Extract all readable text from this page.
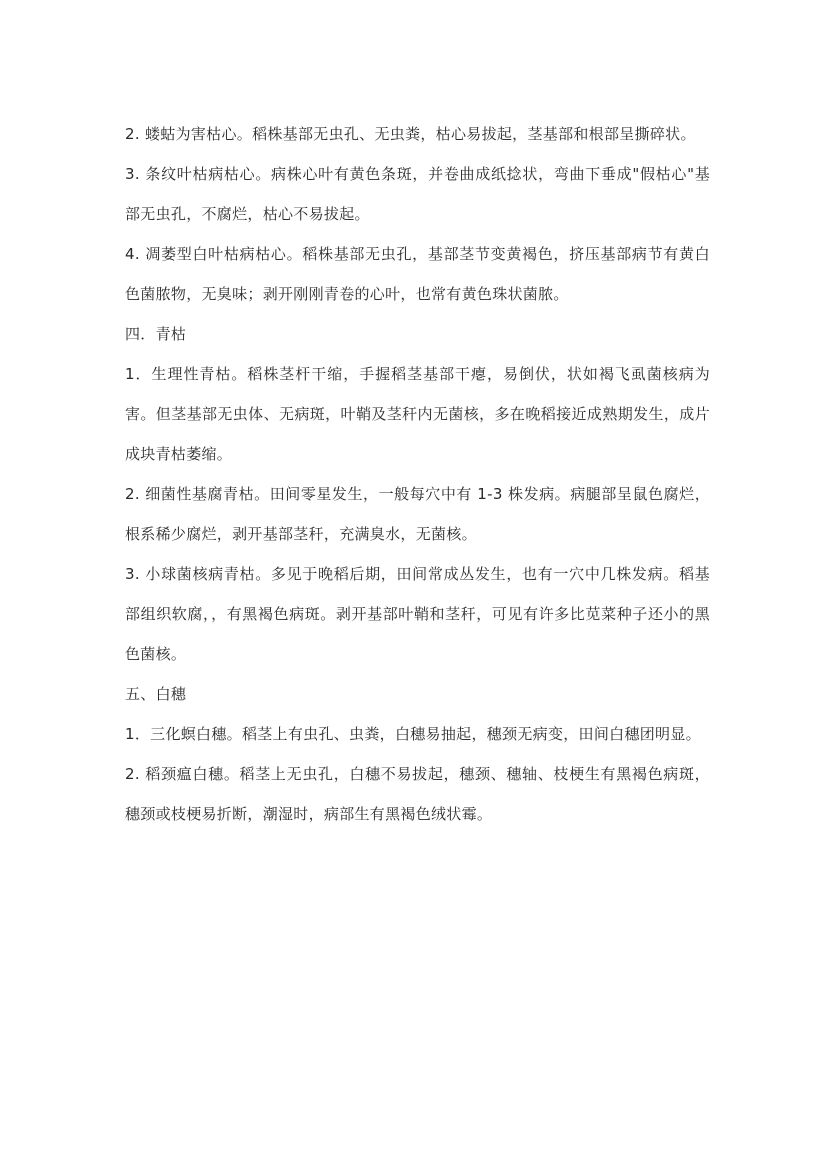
2. 蝼蛄为害枯心。稻株基部无虫孔、无虫粪，枯心易拔起，茎基部和根部呈撕碎状。

3. 条纹叶枯病枯心。病株心叶有黄色条斑，并卷曲成纸捻状，弯曲下垂成"假枯心"基部无虫孔，不腐烂，枯心不易拔起。

4. 凋萎型白叶枯病枯心。稻株基部无虫孔，基部茎节变黄褐色，挤压基部病节有黄白色菌脓物，无臭味；剥开刚刚青卷的心叶，也常有黄色珠状菌脓。

四．青枯

1．生理性青枯。稻株茎杆干缩，手握稻茎基部干瘪，易倒伏，状如褐飞虱菌核病为害。但茎基部无虫体、无病斑，叶鞘及茎秆内无菌核，多在晚稻接近成熟期发生，成片成块青枯萎缩。

2. 细菌性基腐青枯。田间零星发生，一般每穴中有 1-3 株发病。病腿部呈鼠色腐烂，根系稀少腐烂，剥开基部茎秆，充满臭水，无菌核。

3. 小球菌核病青枯。多见于晚稻后期，田间常成丛发生，也有一穴中几株发病。稻基部组织软腐，，有黑褐色病斑。剥开基部叶鞘和茎秆，可见有许多比苋菜种子还小的黑色菌核。

五、白穗

1．三化螟白穗。稻茎上有虫孔、虫粪，白穗易抽起，穗颈无病变，田间白穗团明显。

2. 稻颈瘟白穗。稻茎上无虫孔，白穗不易拔起，穗颈、穗轴、枝梗生有黑褐色病斑，穗颈或枝梗易折断，潮湿时，病部生有黑褐色绒状霉。
